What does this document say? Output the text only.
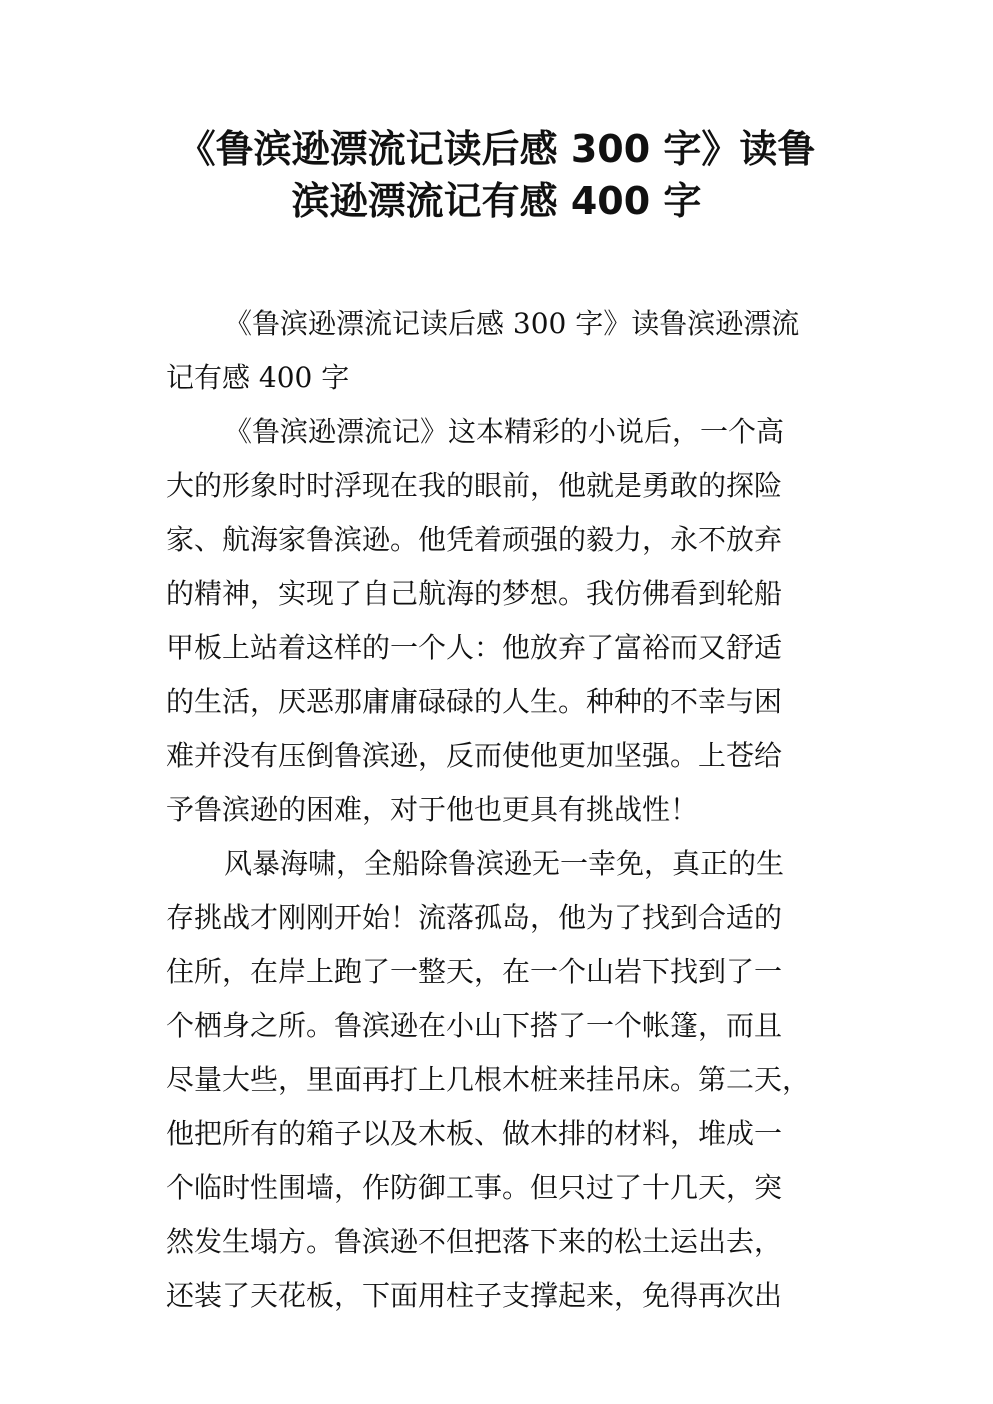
《鲁滨逊漂流记读后感 300 字》读鲁
滨逊漂流记有感 400 字
《鲁滨逊漂流记读后感 300 字》读鲁滨逊漂流
记有感 400 字
《鲁滨逊漂流记》这本精彩的小说后，一个高
大的形象时时浮现在我的眼前，他就是勇敢的探险
家、航海家鲁滨逊。他凭着顽强的毅力，永不放弃
的精神，实现了自己航海的梦想。我仿佛看到轮船
甲板上站着这样的一个人：他放弃了富裕而又舒适
的生活，厌恶那庸庸碌碌的人生。种种的不幸与困
难并没有压倒鲁滨逊，反而使他更加坚强。上苍给
予鲁滨逊的困难，对于他也更具有挑战性！
风暴海啸，全船除鲁滨逊无一幸免，真正的生
存挑战才刚刚开始！流落孤岛，他为了找到合适的
住所，在岸上跑了一整天，在一个山岩下找到了一
个栖身之所。鲁滨逊在小山下搭了一个帐篷，而且
尽量大些，里面再打上几根木桩来挂吊床。第二天，
他把所有的箱子以及木板、做木排的材料，堆成一
个临时性围墙，作防御工事。但只过了十几天，突
然发生塌方。鲁滨逊不但把落下来的松土运出去，
还装了天花板，下面用柱子支撑起来，免得再次出
